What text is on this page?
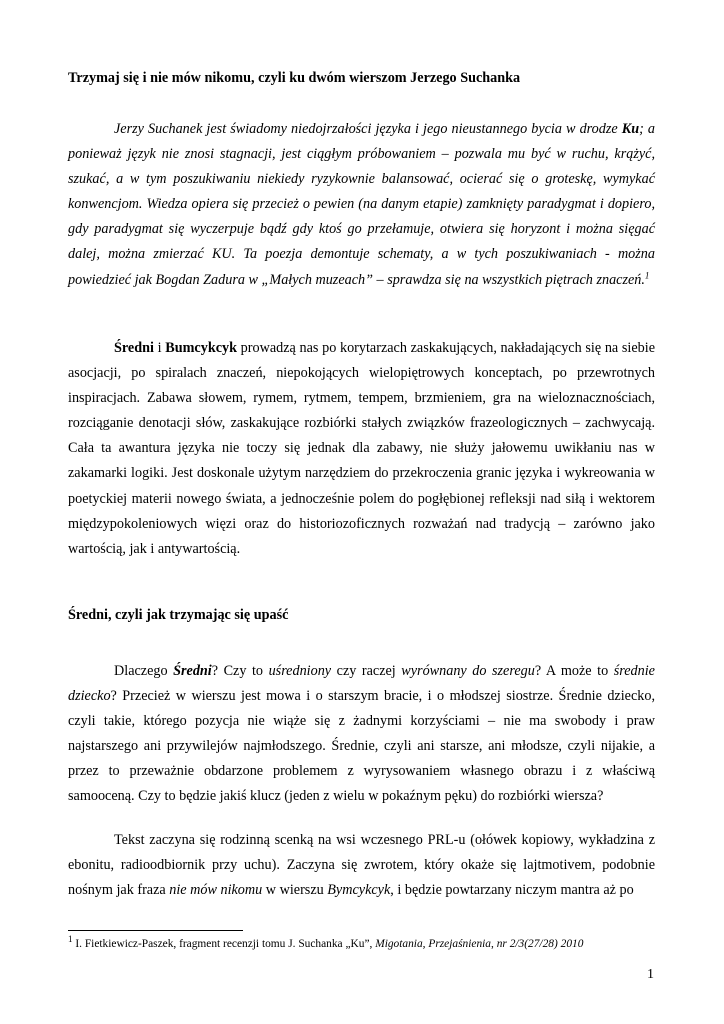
Trzymaj się i nie mów nikomu, czyli ku dwóm wierszom Jerzego Suchanka

Jerzy Suchanek jest świadomy niedojrzałości języka i jego nieustannego bycia w drodze Ku; a ponieważ język nie znosi stagnacji, jest ciągłym próbowaniem – pozwala mu być w ruchu, krążyć, szukać, a w tym poszukiwaniu niekiedy ryzykownie balansować, ocierać się o groteskę, wymykać konwencjom. Wiedza opiera się przecież o pewien (na danym etapie) zamknięty paradygmat i dopiero, gdy paradygmat się wyczerpuje bądź gdy ktoś go przełamuje, otwiera się horyzont i można sięgać dalej, można zmierzać KU. Ta poezja demontuje schematy, a w tych poszukiwaniach - można powiedzieć jak Bogdan Zadura w „Małych muzeach” – sprawdza się na wszystkich piętrach znaczeń.$^1$

Średni i Bumcykcyk prowadzą nas po korytarzach zaskakujących, nakładających się na siebie asocjacji, po spiralach znaczeń, niepokojących wielopiętrowych konceptach, po przewrotnych inspiracjach. Zabawa słowem, rymem, rytmem, tempem, brzmieniem, gra na wieloznacznościach, rozciąganie denotacji słów, zaskakujące rozbiórki stałych związków frazeologicznych – zachwycają. Cała ta awantura języka nie toczy się jednak dla zabawy, nie służy jałowemu uwikłaniu nas w zakamarki logiki. Jest doskonale użytym narzędziem do przekroczenia granic języka i wykreowania w poetyckiej materii nowego świata, a jednocześnie polem do pogłębionej refleksji nad siłą i wektorem międzypokoleniowych więzi oraz do historiozoficznych rozważań nad tradycją – zarówno jako wartością, jak i antywartością.

Średni, czyli jak trzymając się upaść

Dlaczego Średni? Czy to uśredniony czy raczej wyrównany do szeregu? A może to średnie dziecko? Przecież w wierszu jest mowa i o starszym bracie, i o młodszej siostrze. Średnie dziecko, czyli takie, którego pozycja nie wiąże się z żadnymi korzyściami – nie ma swobody i praw najstarszego ani przywilejów najmłodszego. Średnie, czyli ani starsze, ani młodsze, czyli nijakie, a przez to przeważnie obdarzone problemem z wyrysowaniem własnego obrazu i z właściwą samooceną. Czy to będzie jakiś klucz (jeden z wielu w pokaźnym pęku) do rozbiórki wiersza?

Tekst zaczyna się rodzinną scenką na wsi wczesnego PRL-u (ołówek kopiowy, wykładzina z ebonitu, radioodbiornik przy uchu). Zaczyna się zwrotem, który okaże się lajtmotivem, podobnie nośnym jak fraza nie mów nikomu w wierszu Bymcykcyk, i będzie powtarzany niczym mantra aż po

$^1$ I. Fietkiewicz-Paszek, fragment recenzji tomu J. Suchanka „Ku”, Migotania, Przejaśnienia, nr 2/3(27/28) 2010

1
